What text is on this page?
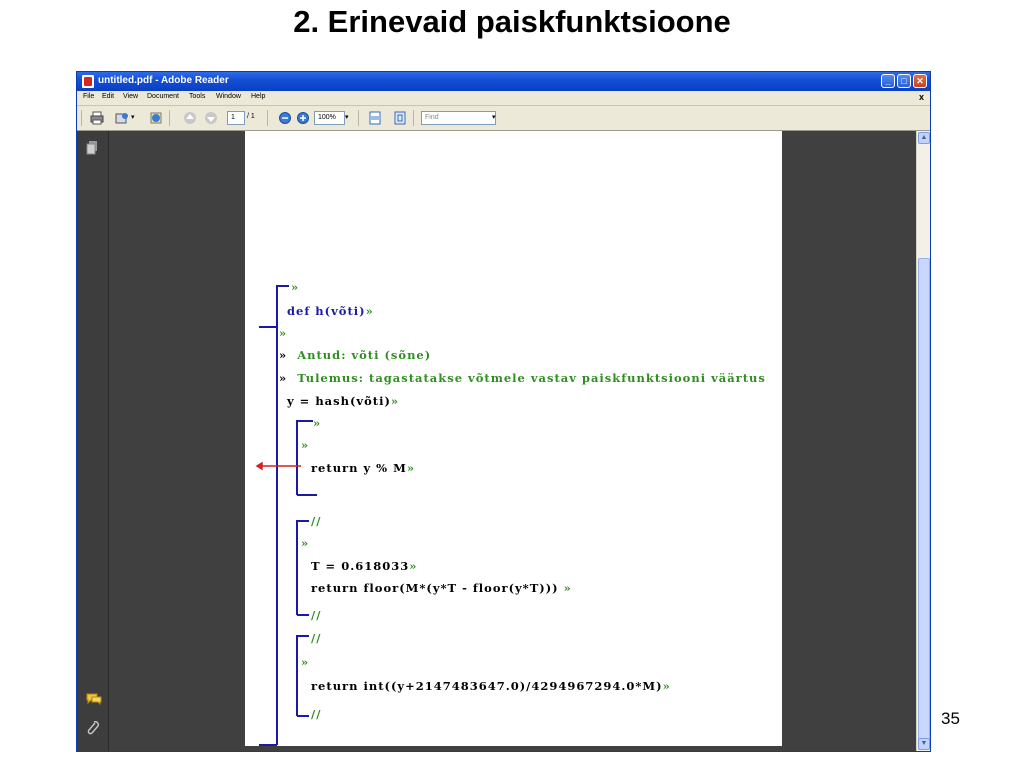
2. Erinevaid paiskfunktsioone
35
untitled.pdf - Adobe Reader	_	□	✕
File Edit View Document Tools Window Help	x
▾	1	/ 1	100%	▾	Find	▾
»
def h(võti)»
»
»  Antud: võti (sõne)
»  Tulemus: tagastatakse võtmele vastav paiskfunktsiooni väärtus
y = hash(võti)»
»
»
return y % M»
//
»
T = 0.618033»
return floor(M*(y*T - floor(y*T))) »
//
//
»
return int((y+2147483647.0)/4294967294.0*M)»
//
▲
▼
